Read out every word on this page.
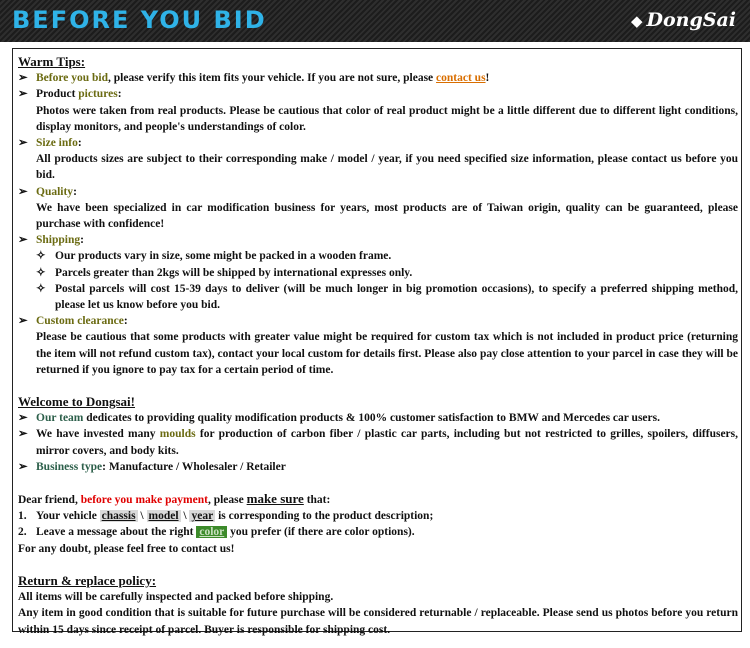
BEFORE YOU BID	◆ DongSai
Warm Tips:
➢ Before you bid, please verify this item fits your vehicle. If you are not sure, please contact us!
➢ Product pictures:
Photos were taken from real products. Please be cautious that color of real product might be a little different due to different light conditions, display monitors, and people's understandings of color.
➢ Size info:
All products sizes are subject to their corresponding make / model / year, if you need specified size information, please contact us before you bid.
➢ Quality:
We have been specialized in car modification business for years, most products are of Taiwan origin, quality can be guaranteed, please purchase with confidence!
➢ Shipping:
✧ Our products vary in size, some might be packed in a wooden frame.
✧ Parcels greater than 2kgs will be shipped by international expresses only.
✧ Postal parcels will cost 15-39 days to deliver (will be much longer in big promotion occasions), to specify a preferred shipping method, please let us know before you bid.
➢ Custom clearance:
Please be cautious that some products with greater value might be required for custom tax which is not included in product price (returning the item will not refund custom tax), contact your local custom for details first. Please also pay close attention to your parcel in case they will be returned if you ignore to pay tax for a certain period of time.
Welcome to Dongsai!
➢ Our team dedicates to providing quality modification products & 100% customer satisfaction to BMW and Mercedes car users.
➢ We have invested many moulds for production of carbon fiber / plastic car parts, including but not restricted to grilles, spoilers, diffusers, mirror covers, and body kits.
➢ Business type: Manufacture / Wholesaler / Retailer
Dear friend, before you make payment, please make sure that:
1. Your vehicle chassis \ model \ year is corresponding to the product description;
2. Leave a message about the right color you prefer (if there are color options).
For any doubt, please feel free to contact us!
Return & replace policy:
All items will be carefully inspected and packed before shipping.
Any item in good condition that is suitable for future purchase will be considered returnable / replaceable. Please send us photos before you return within 15 days since receipt of parcel. Buyer is responsible for shipping cost.
